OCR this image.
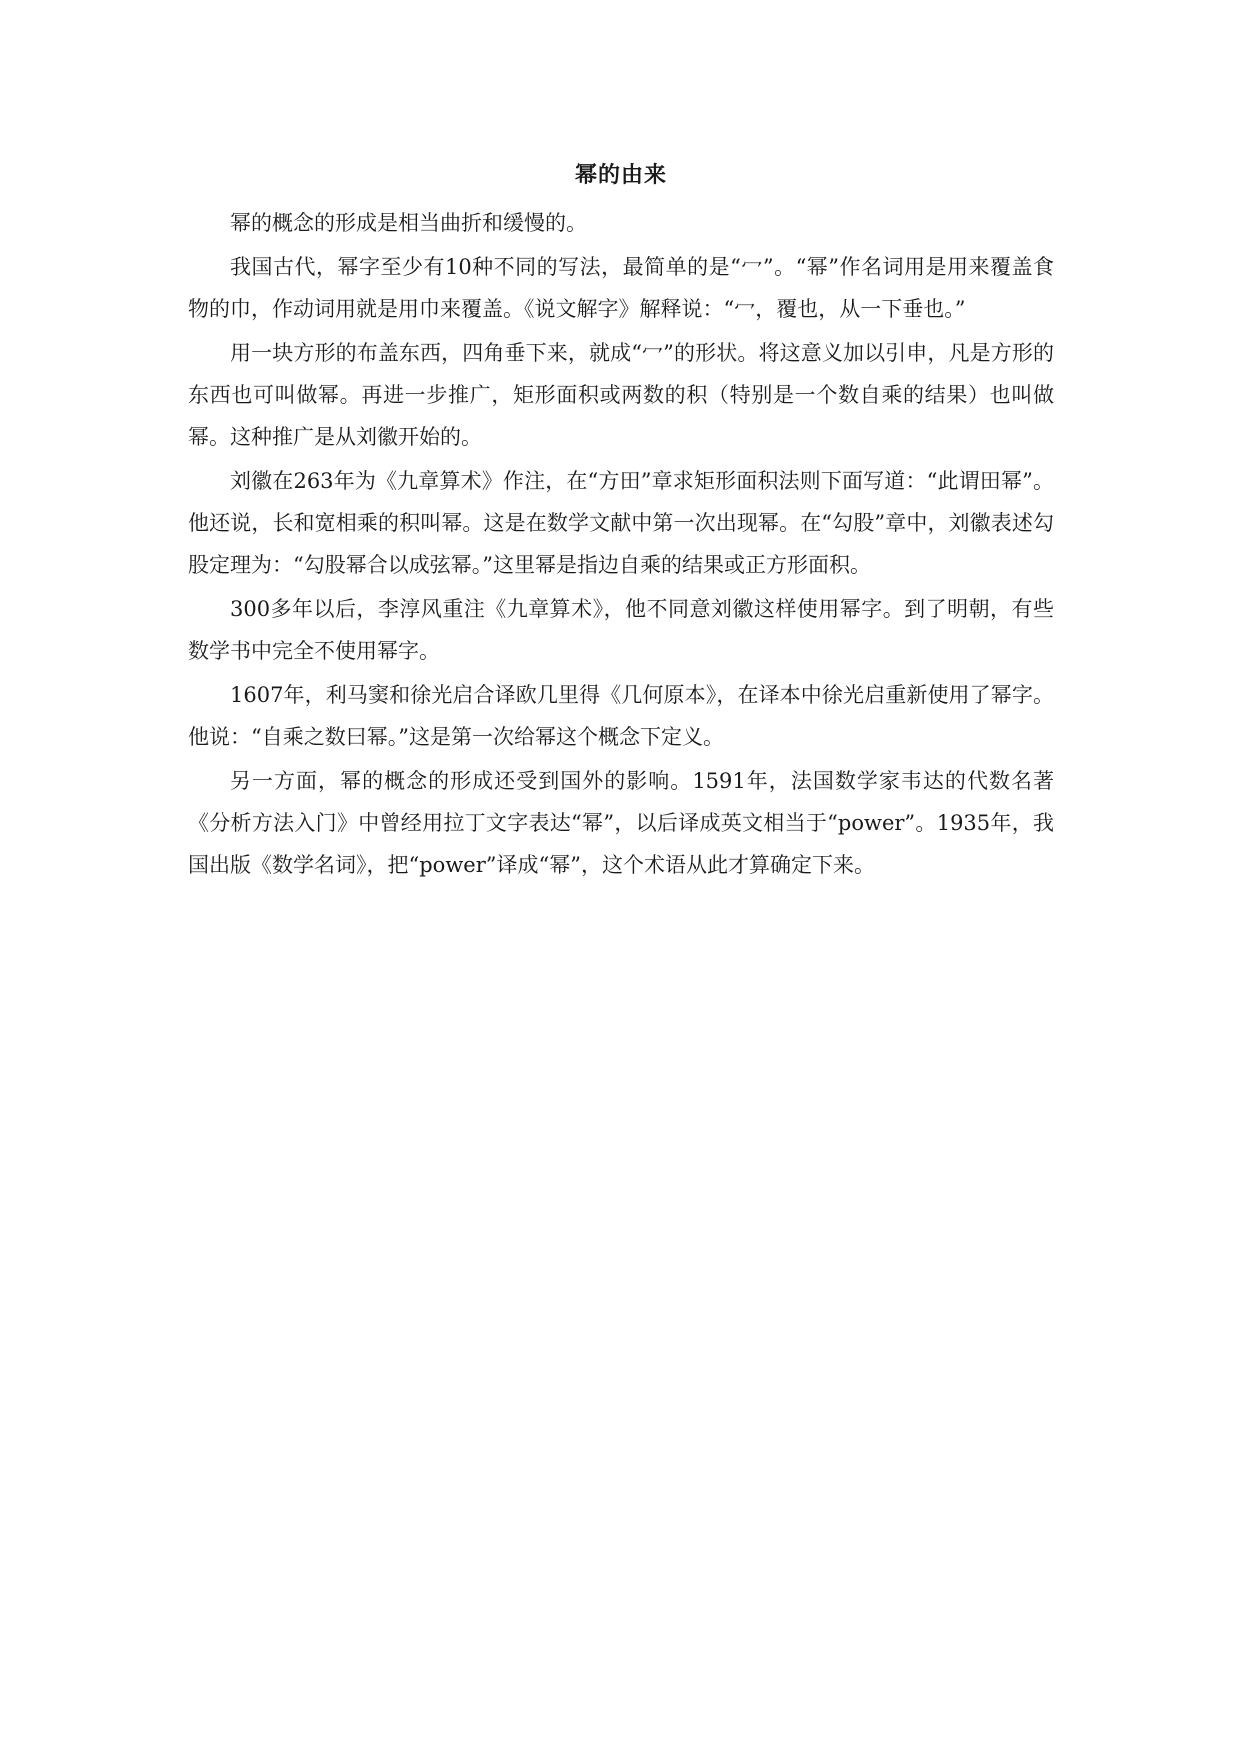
幂的由来

幂的概念的形成是相当曲折和缓慢的。

我国古代，幂字至少有10种不同的写法，最简单的是“冖”。“幂”作名词用是用来覆盖食物的巾，作动词用就是用巾来覆盖。《说文解字》解释说：“冖，覆也，从一下垂也。”

用一块方形的布盖东西，四角垂下来，就成“冖”的形状。将这意义加以引申，凡是方形的东西也可叫做幂。再进一步推广，矩形面积或两数的积（特别是一个数自乘的结果）也叫做幂。这种推广是从刘徽开始的。

刘徽在263年为《九章算术》作注，在“方田”章求矩形面积法则下面写道：“此谓田幂”。他还说，长和宽相乘的积叫幂。这是在数学文献中第一次出现幂。在“勾股”章中，刘徽表述勾股定理为：“勾股幂合以成弦幂。”这里幂是指边自乘的结果或正方形面积。

300多年以后，李淳风重注《九章算术》，他不同意刘徽这样使用幂字。到了明朝，有些数学书中完全不使用幂字。

1607年，利马窦和徐光启合译欧几里得《几何原本》，在译本中徐光启重新使用了幂字。他说：“自乘之数曰幂。”这是第一次给幂这个概念下定义。

另一方面，幂的概念的形成还受到国外的影响。1591年，法国数学家韦达的代数名著《分析方法入门》中曾经用拉丁文字表达“幂”，以后译成英文相当于“power”。1935年，我国出版《数学名词》，把“power”译成“幂”，这个术语从此才算确定下来。
